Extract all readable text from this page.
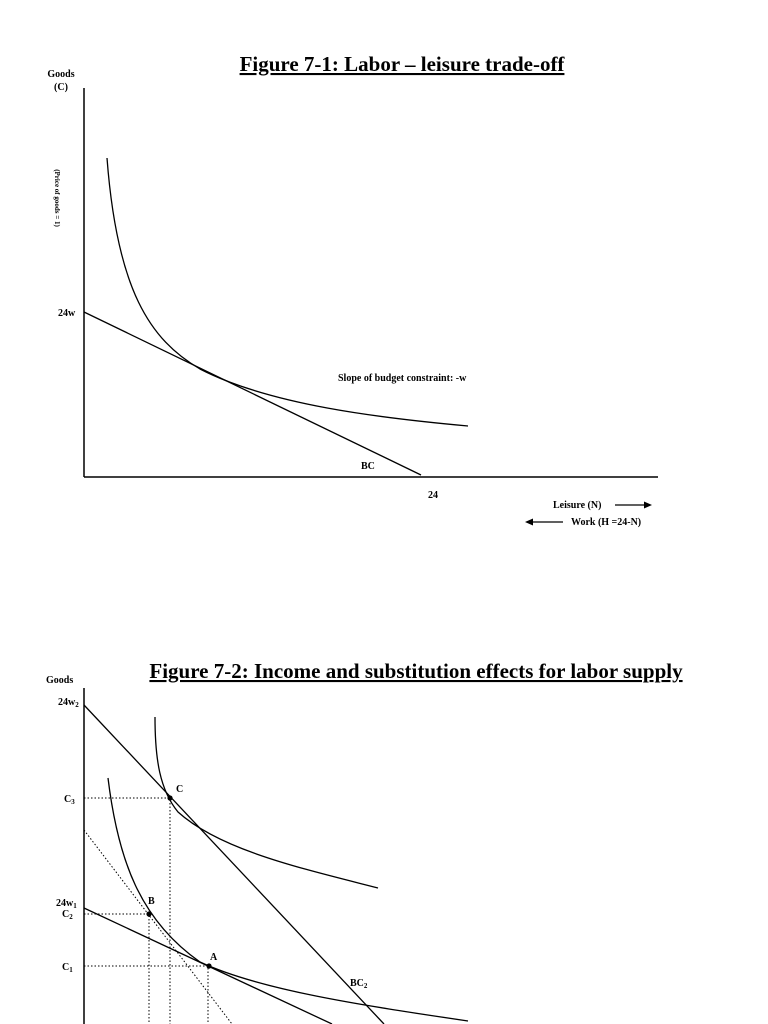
Figure 7-1: Labor – leisure trade-off
Goods
(C)
(Price of goods = 1)
24w
Slope of budget constraint: -w
BC
24
Leisure (N)
Work (H =24-N)
Figure 7-2: Income and substitution effects for labor supply
Goods
$24w_2$
$C_3$
$24w_1$
$C_2$
$C_1$
C
B
A
$BC_2$
